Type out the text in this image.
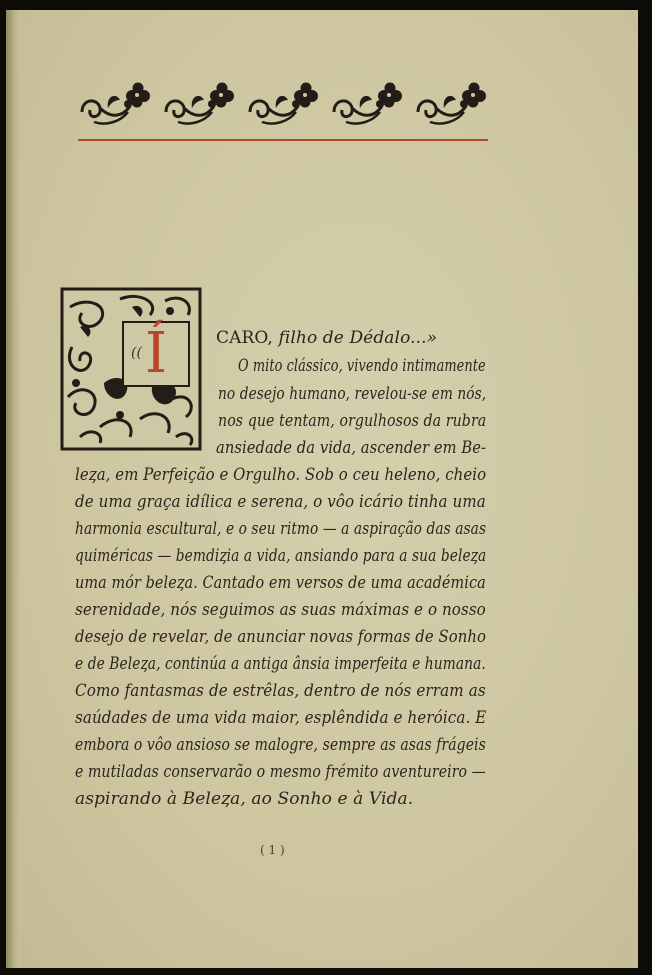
(( Í	CARO, filho de Dédalo...»
O mito clássico, vivendo intimamente
no desejo humano, revelou-se em nós,
nos que tentam, orgulhosos da rubra
ansiedade da vida, ascender em Be-
leȥa, em Perfeição e Orgulho. Sob o ceu heleno, cheio
de uma graça idílica e serena, o vôo icário tinha uma
harmonia escultural, e o seu ritmo — a aspiração das asas
quiméricas — bemdiȥia a vida, ansiando para a sua beleȥa
uma mór beleȥa. Cantado em versos de uma académica
serenidade, nós seguimos as suas máximas e o nosso
desejo de revelar, de anunciar novas formas de Sonho
e de Beleȥa, continúa a antiga ânsia imperfeita e humana.
Como fantasmas de estrêlas, dentro de nós erram as
saúdades de uma vida maior, esplêndida e heróica. E
embora o vôo ansioso se malogre, sempre as asas frágeis
e mutiladas conservarão o mesmo frémito aventureiro —
aspirando à Beleȥa, ao Sonho e à Vida.
( 1 )
